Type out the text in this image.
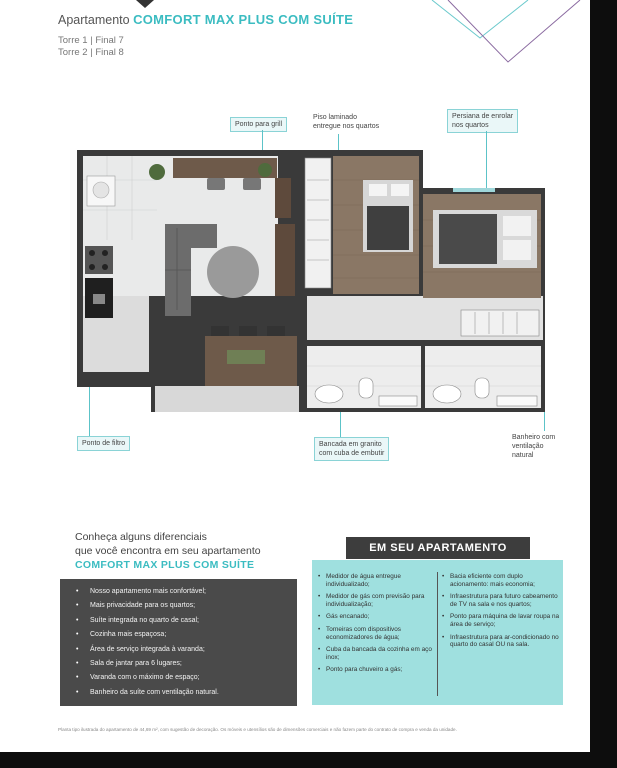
Apartamento COMFORT MAX PLUS COM SUÍTE
Torre 1 | Final 7
Torre 2 | Final 8
Ponto para grill
Piso laminado
entregue nos quartos
Persiana de enrolar
nos quartos
Ponto de filtro	Bancada em granito
com cuba de embutir
Banheiro com
ventilação
natural
Conheça alguns diferenciais
que você encontra em seu apartamento
COMFORT MAX PLUS COM SUÍTE
• Nosso apartamento mais confortável;
• Mais privacidade para os quartos;
• Suíte integrada no quarto de casal;
• Cozinha mais espaçosa;
• Área de serviço integrada à varanda;
• Sala de jantar para 6 lugares;
• Varanda com o máximo de espaço;
• Banheiro da suíte com ventilação natural.
• Medidor de água entregue individualizado;
• Medidor de gás com previsão para individualização;
• Gás encanado;
• Torneiras com dispositivos economizadores de água;
• Cuba da bancada da cozinha em aço inox;
• Ponto para chuveiro a gás;
• Bacia eficiente com duplo acionamento: mais economia;
• Infraestrutura para futuro cabeamento de TV na sala e nos quartos;
• Ponto para máquina de lavar roupa na área de serviço;
• Infraestrutura para ar-condicionado no quarto do casal OU na sala.
EM SEU APARTAMENTO
Planta tipo ilustrada do apartamento de 44,69 m², com sugestão de decoração. Os móveis e utensílios são de dimensões comerciais e não fazem parte do contrato de compra e venda da unidade.
